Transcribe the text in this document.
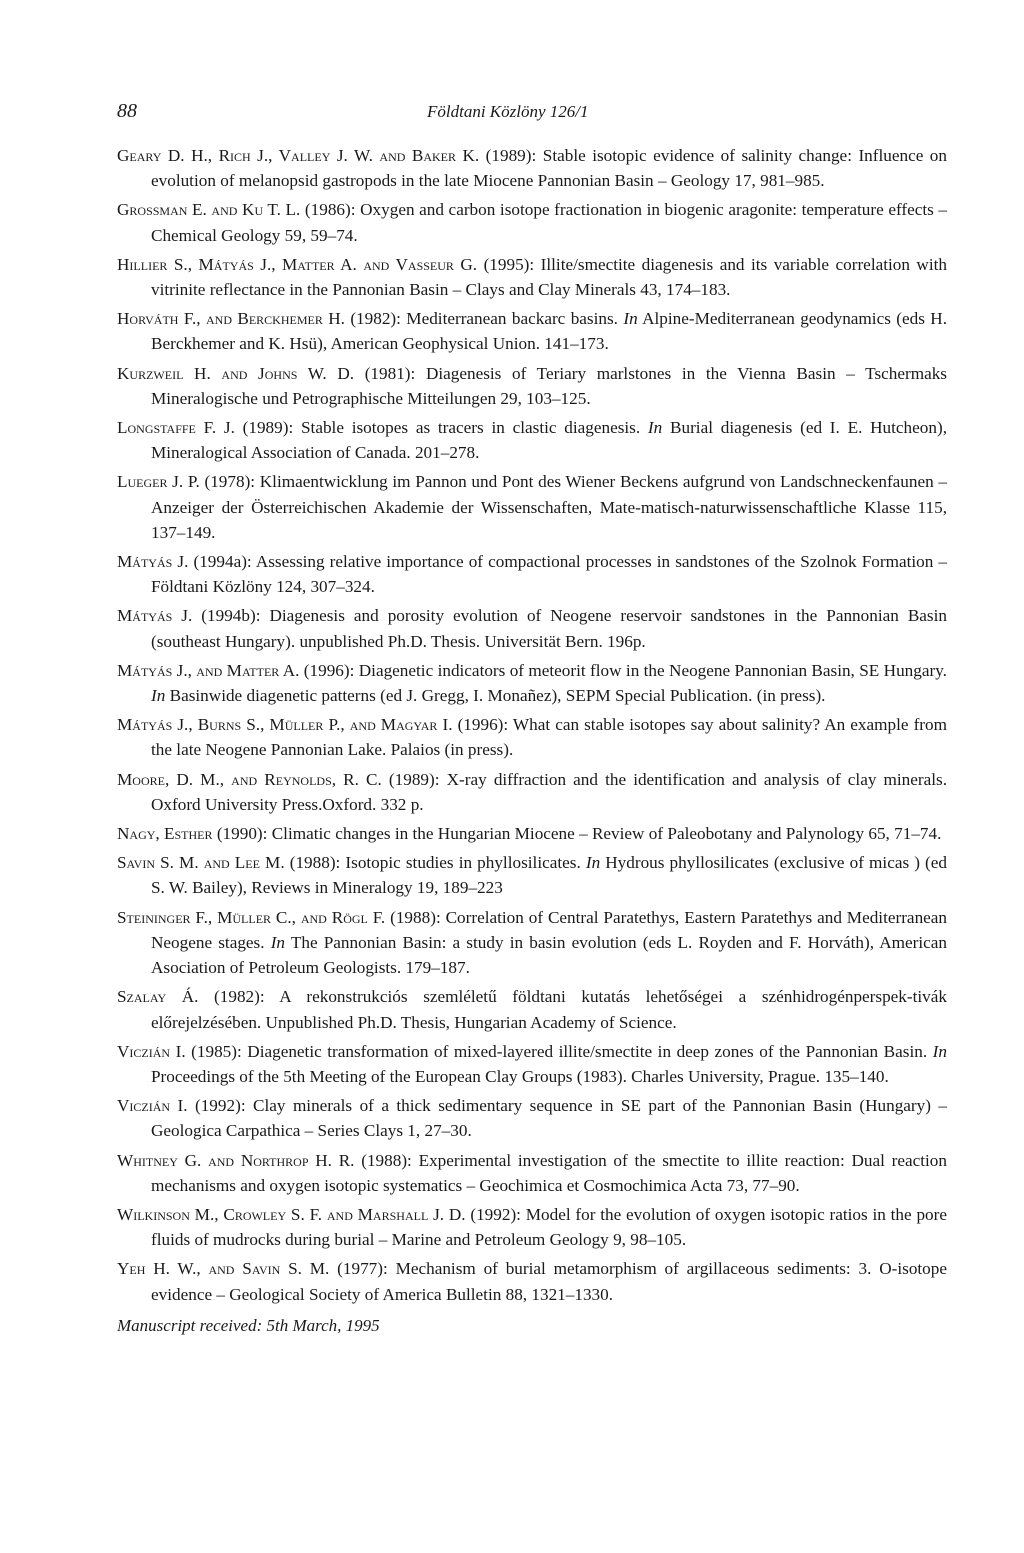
88	Földtani Közlöny 126/1

Geary D. H., Rich J., Valley J. W. and Baker K. (1989): Stable isotopic evidence of salinity change: Influence on evolution of melanopsid gastropods in the late Miocene Pannonian Basin – Geology 17, 981–985.

Grossman E. and Ku T. L. (1986): Oxygen and carbon isotope fractionation in biogenic aragonite: temperature effects – Chemical Geology 59, 59–74.

Hillier S., Mátyás J., Matter A. and Vasseur G. (1995): Illite/smectite diagenesis and its variable correlation with vitrinite reflectance in the Pannonian Basin – Clays and Clay Minerals 43, 174–183.

Horváth F., and Berckhemer H. (1982): Mediterranean backarc basins. In Alpine-Mediterranean geodynamics (eds H. Berckhemer and K. Hsü), American Geophysical Union. 141–173.

Kurzweil H. and Johns W. D. (1981): Diagenesis of Teriary marlstones in the Vienna Basin – Tschermaks Mineralogische und Petrographische Mitteilungen 29, 103–125.

Longstaffe F. J. (1989): Stable isotopes as tracers in clastic diagenesis. In Burial diagenesis (ed I. E. Hutcheon), Mineralogical Association of Canada. 201–278.

Lueger J. P. (1978): Klimaentwicklung im Pannon und Pont des Wiener Beckens aufgrund von Landschneckenfaunen – Anzeiger der Österreichischen Akademie der Wissenschaften, Mate-matisch-naturwissenschaftliche Klasse 115, 137–149.

Mátyás J. (1994a): Assessing relative importance of compactional processes in sandstones of the Szolnok Formation – Földtani Közlöny 124, 307–324.

Mátyás J. (1994b): Diagenesis and porosity evolution of Neogene reservoir sandstones in the Pannonian Basin (southeast Hungary). unpublished Ph.D. Thesis. Universität Bern. 196p.

Mátyás J., and Matter A. (1996): Diagenetic indicators of meteorit flow in the Neogene Pannonian Basin, SE Hungary. In Basinwide diagenetic patterns (ed J. Gregg, I. Monañez), SEPM Special Publication. (in press).

Mátyás J., Burns S., Müller P., and Magyar I. (1996): What can stable isotopes say about salinity? An example from the late Neogene Pannonian Lake. Palaios (in press).

Moore, D. M., and Reynolds, R. C. (1989): X-ray diffraction and the identification and analysis of clay minerals. Oxford University Press.Oxford. 332 p.

Nagy, Esther (1990): Climatic changes in the Hungarian Miocene – Review of Paleobotany and Palynology 65, 71–74.

Savin S. M. and Lee M. (1988): Isotopic studies in phyllosilicates. In Hydrous phyllosilicates (exclusive of micas ) (ed S. W. Bailey), Reviews in Mineralogy 19, 189–223

Steininger F., Müller C., and Rögl F. (1988): Correlation of Central Paratethys, Eastern Paratethys and Mediterranean Neogene stages. In The Pannonian Basin: a study in basin evolution (eds L. Royden and F. Horváth), American Asociation of Petroleum Geologists. 179–187.

Szalay Á. (1982): A rekonstrukciós szemléletű földtani kutatás lehetőségei a szénhidrogénperspek-tivák előrejelzésében. Unpublished Ph.D. Thesis, Hungarian Academy of Science.

Viczián I. (1985): Diagenetic transformation of mixed-layered illite/smectite in deep zones of the Pannonian Basin. In Proceedings of the 5th Meeting of the European Clay Groups (1983). Charles University, Prague. 135–140.

Viczián I. (1992): Clay minerals of a thick sedimentary sequence in SE part of the Pannonian Basin (Hungary) – Geologica Carpathica – Series Clays 1, 27–30.

Whitney G. and Northrop H. R. (1988): Experimental investigation of the smectite to illite reaction: Dual reaction mechanisms and oxygen isotopic systematics – Geochimica et Cosmochimica Acta 73, 77–90.

Wilkinson M., Crowley S. F. and Marshall J. D. (1992): Model for the evolution of oxygen isotopic ratios in the pore fluids of mudrocks during burial – Marine and Petroleum Geology 9, 98–105.

Yeh H. W., and Savin S. M. (1977): Mechanism of burial metamorphism of argillaceous sediments: 3. O-isotope evidence – Geological Society of America Bulletin 88, 1321–1330.

Manuscript received: 5th March, 1995
